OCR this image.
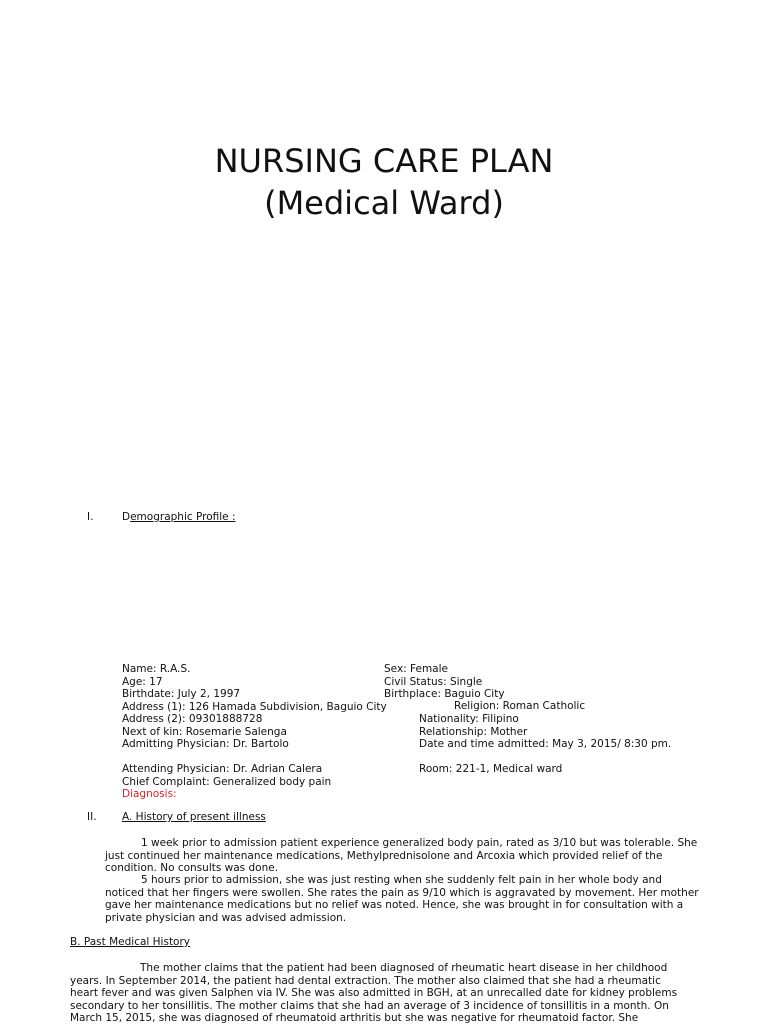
NURSING CARE PLAN
(Medical Ward)
I.	Demographic Profile :
Name: R.A.S.
Age: 17
Birthdate: July 2, 1997
Address (1): 126 Hamada Subdivision, Baguio City
Address (2): 09301888728
Next of kin: Rosemarie Salenga
Admitting Physician: Dr. Bartolo

Attending Physician: Dr. Adrian Calera
Chief Complaint: Generalized body pain
Diagnosis:
Sex: Female
Civil Status: Single
Birthplace: Baguio City
Religion: Roman Catholic
Nationality: Filipino
Relationship: Mother
Date and time admitted: May 3, 2015/ 8:30 pm.

Room: 221-1, Medical ward
II. A. History of present illness

1 week prior to admission patient experience generalized body pain, rated as 3/10 but was tolerable. She just continued her maintenance medications, Methylprednisolone and Arcoxia which provided relief of the condition. No consults was done.

5 hours prior to admission, she was just resting when she suddenly felt pain in her whole body and noticed that her fingers were swollen. She rates the pain as 9/10 which is aggravated by movement. Her mother gave her maintenance medications but no relief was noted. Hence, she was brought in for consultation with a private physician and was advised admission.

B. Past Medical History

The mother claims that the patient had been diagnosed of rheumatic heart disease in her childhood years. In September 2014, the patient had dental extraction. The mother also claimed that she had a rheumatic heart fever and was given Salphen via IV. She was also admitted in BGH, at an unrecalled date for kidney problems secondary to her tonsillitis. The mother claims that she had an average of 3 incidence of tonsillitis in a month. On March 15, 2015, she was diagnosed of rheumatoid arthritis but she was negative for rheumatoid factor. She
